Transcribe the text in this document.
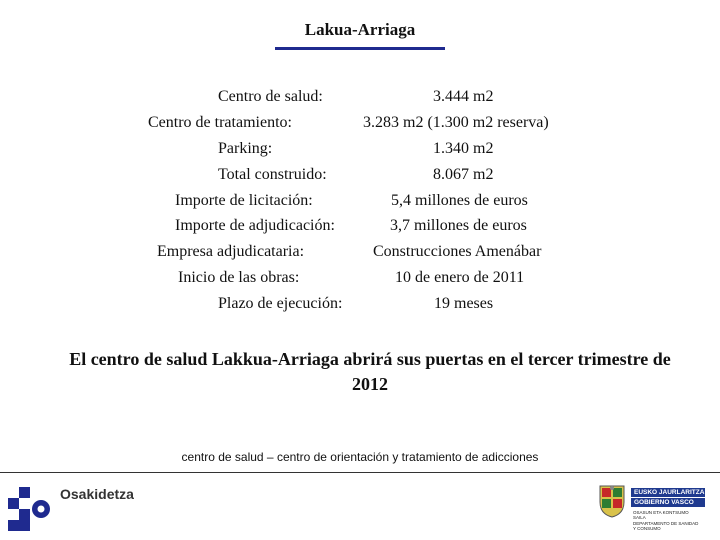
Lakua-Arriaga
Centro de salud:	3.444 m2
Centro de tratamiento:	3.283 m2 (1.300 m2 reserva)
Parking:	1.340 m2
Total construido:	8.067 m2
Importe de licitación:	5,4 millones de euros
Importe de adjudicación:	3,7 millones de euros
Empresa adjudicataria:	Construcciones Amenábar
Inicio de las obras:	10 de enero de 2011
Plazo de ejecución:	19 meses
El centro de salud Lakkua-Arriaga abrirá sus puertas en el tercer trimestre de 2012
centro de salud – centro de orientación y tratamiento de adicciones
Osakidetza	EUSKO JAURLARITZA
GOBIERNO VASCO
OSASUN ETA KONTSUMO
SAILA
DEPARTAMENTO DE SANIDAD
Y CONSUMO
